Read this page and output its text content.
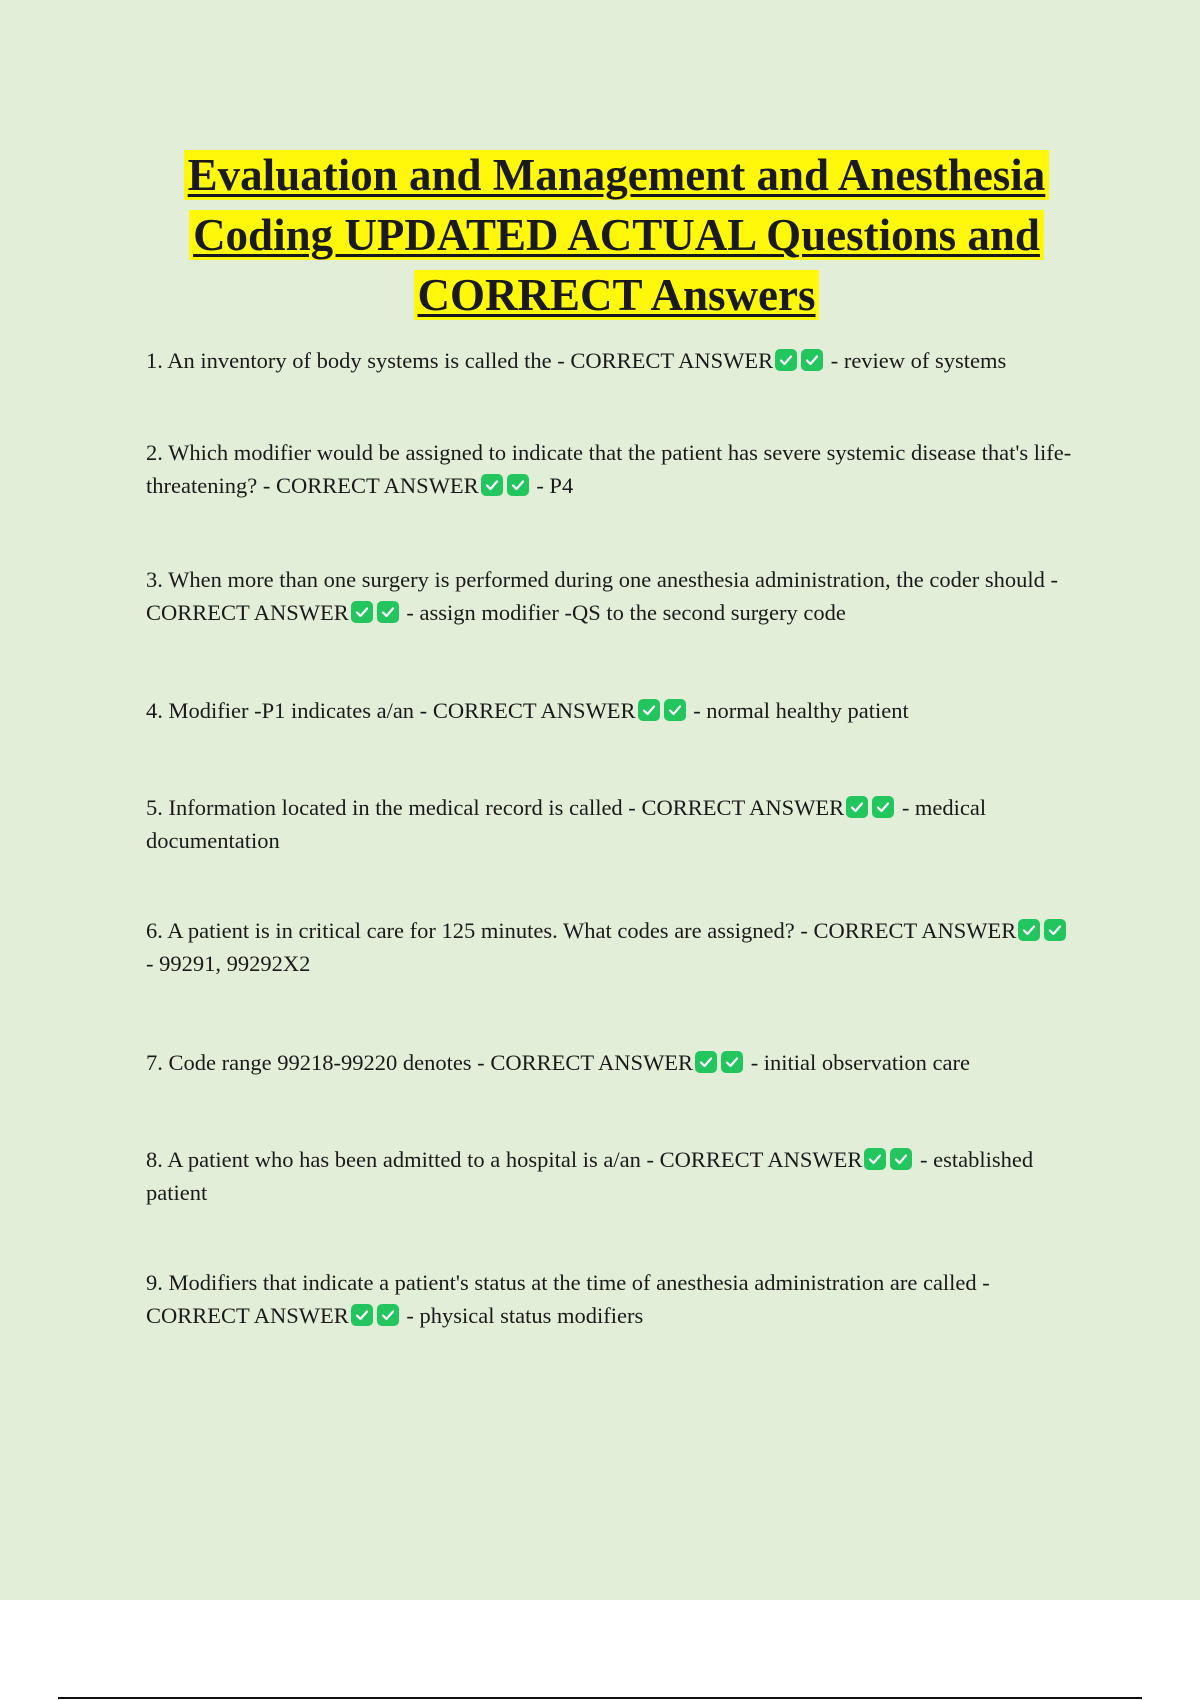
Evaluation and Management and Anesthesia
Coding UPDATED ACTUAL Questions and
CORRECT Answers

1. An inventory of body systems is called the - CORRECT ANSWER	- review of systems

2. Which modifier would be assigned to indicate that the patient has severe systemic disease that's life-threatening? - CORRECT ANSWER	- P4

3. When more than one surgery is performed during one anesthesia administration, the coder should - CORRECT ANSWER	- assign modifier -QS to the second surgery code

4. Modifier -P1 indicates a/an - CORRECT ANSWER	- normal healthy patient

5. Information located in the medical record is called - CORRECT ANSWER	- medical documentation

6. A patient is in critical care for 125 minutes. What codes are assigned? - CORRECT ANSWER
- 99291, 99292X2

7. Code range 99218-99220 denotes - CORRECT ANSWER	- initial observation care

8. A patient who has been admitted to a hospital is a/an - CORRECT ANSWER	- established patient

9. Modifiers that indicate a patient's status at the time of anesthesia administration are called - CORRECT ANSWER	- physical status modifiers
